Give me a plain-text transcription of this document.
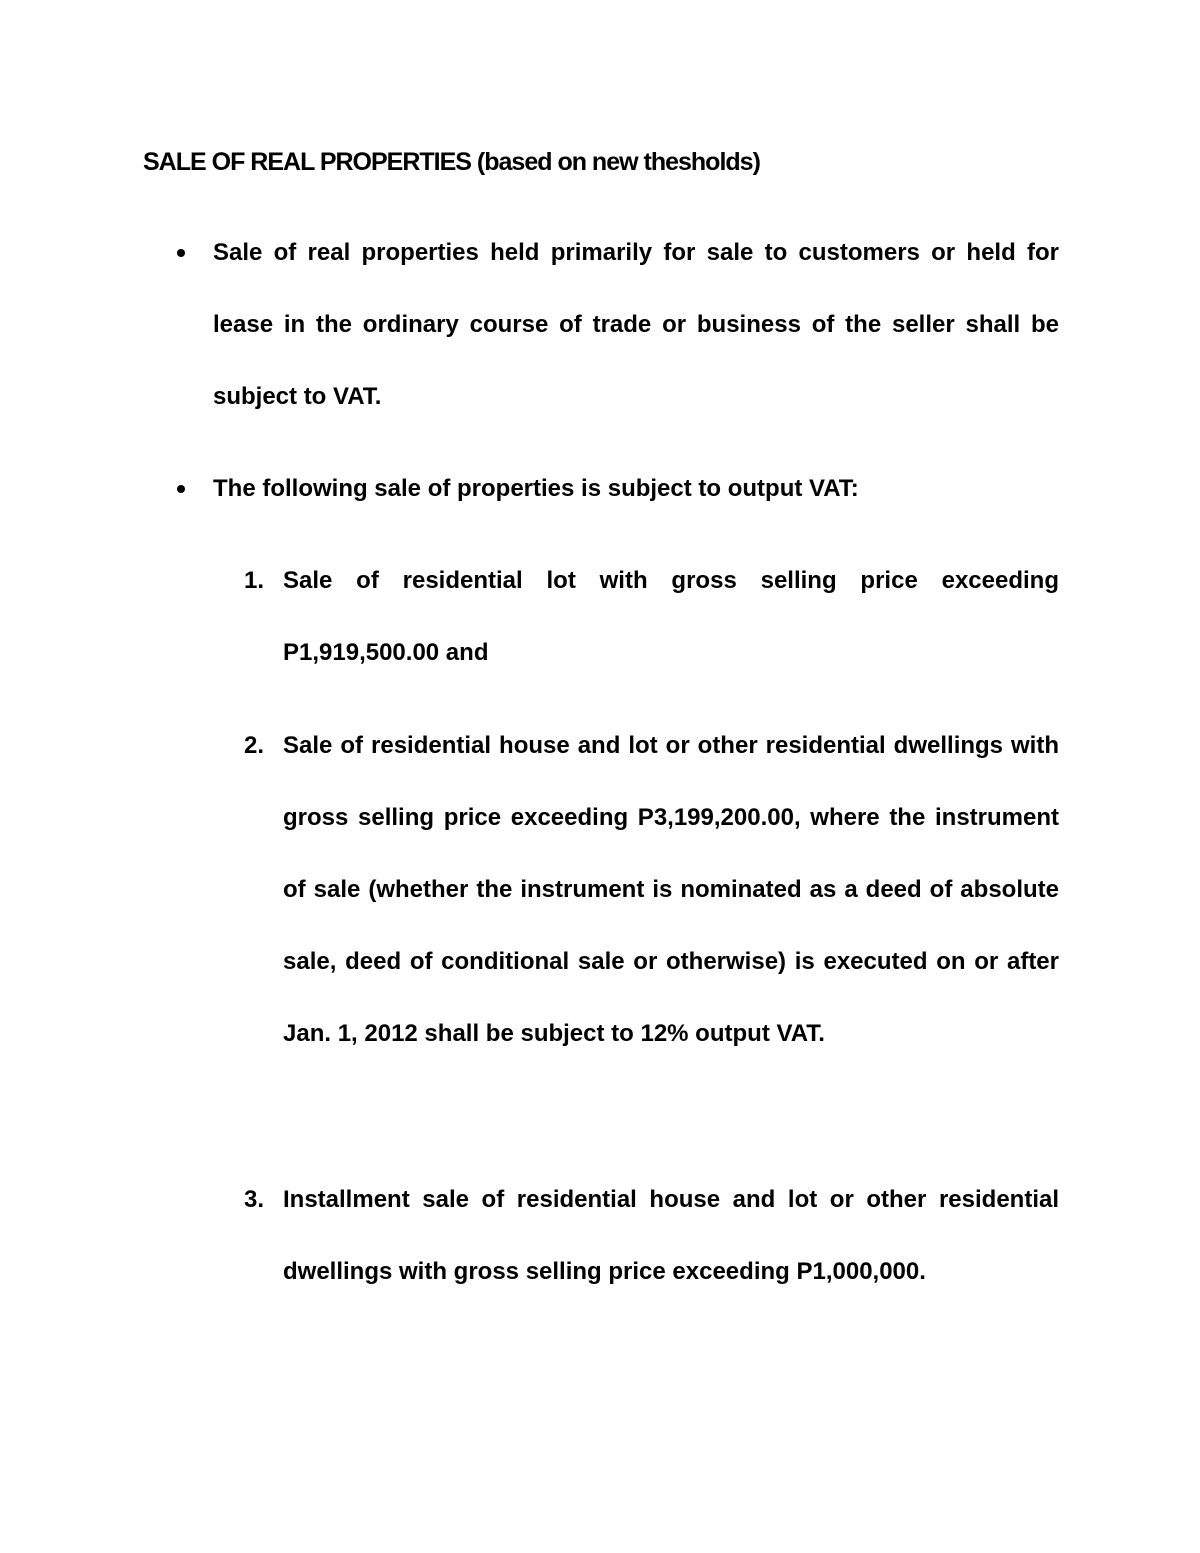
SALE OF REAL PROPERTIES (based on new thesholds)
Sale of real properties held primarily for sale to customers or held for lease in the ordinary course of trade or business of the seller shall be subject to VAT.
The following sale of properties is subject to output VAT:
1. Sale of residential lot with gross selling price exceeding P1,919,500.00 and
2. Sale of residential house and lot or other residential dwellings with gross selling price exceeding P3,199,200.00, where the instrument of sale (whether the instrument is nominated as a deed of absolute sale, deed of conditional sale or otherwise) is executed on or after Jan. 1, 2012 shall be subject to 12% output VAT.
3. Installment sale of residential house and lot or other residential dwellings with gross selling price exceeding P1,000,000.
